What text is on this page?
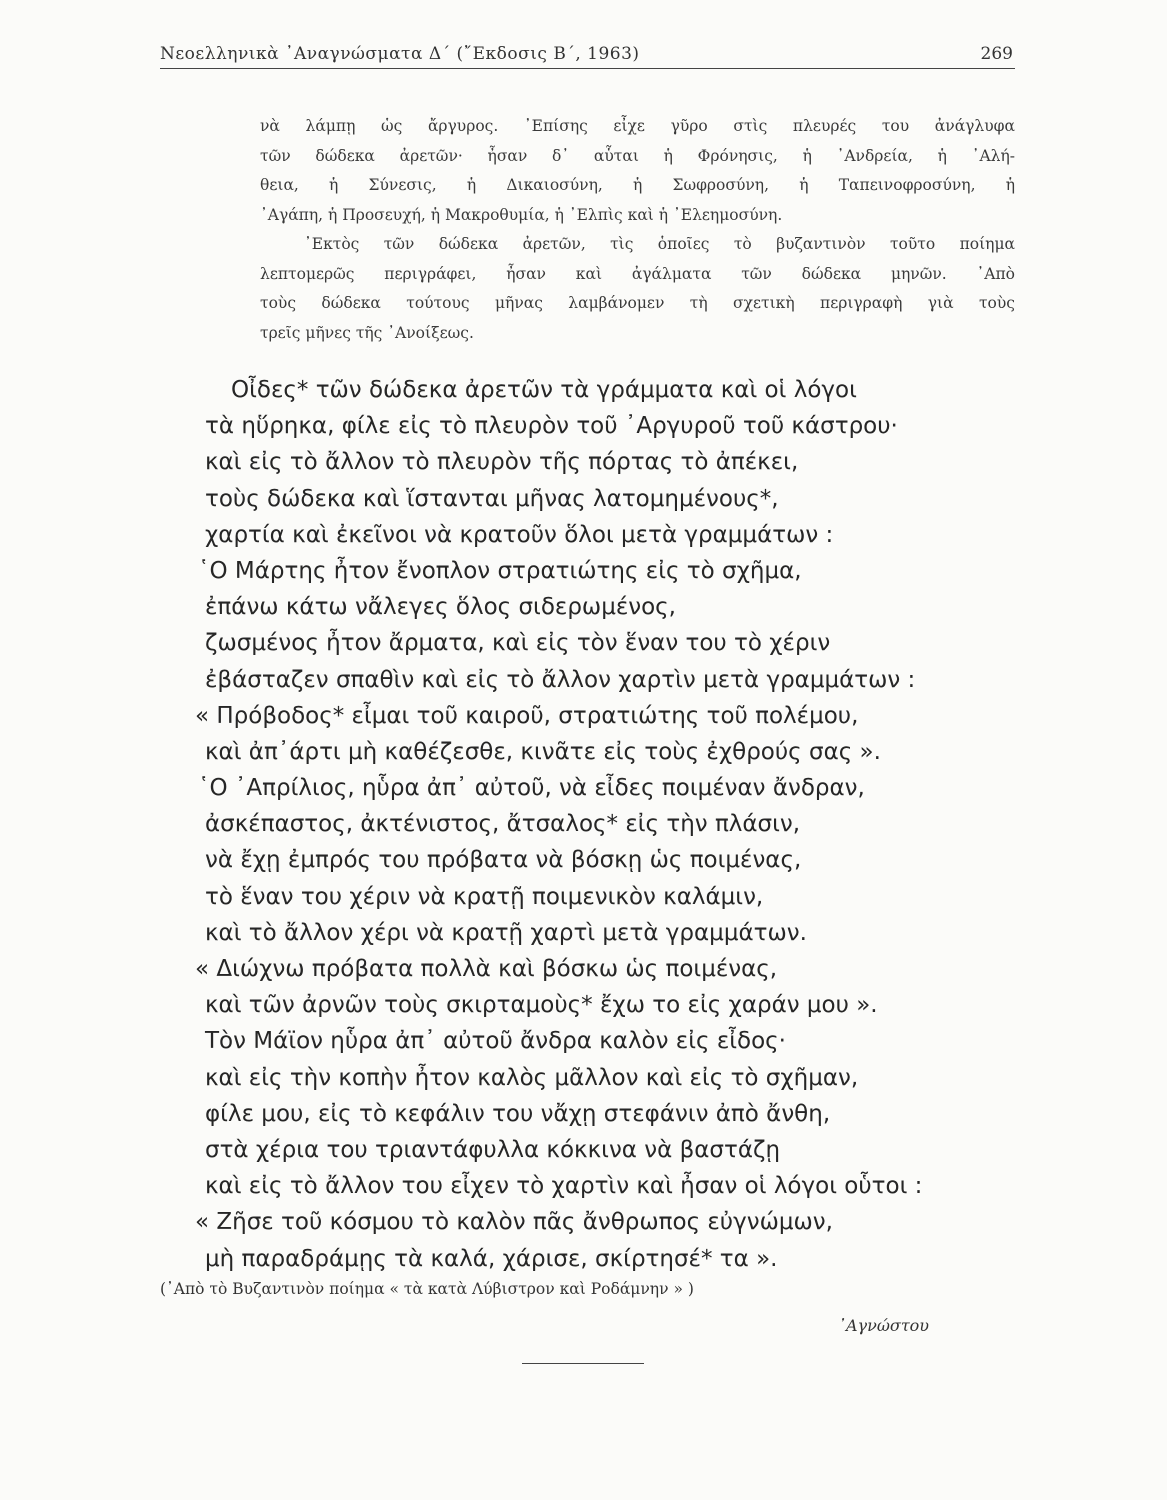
Νεοελληνικὰ ᾿Αναγνώσματα Δ΄ (῎Εκδοσις Β΄, 1963)	269
νὰ λάμπῃ ὡς ἄργυρος. ᾿Επίσης εἶχε γῦρο στὶς πλευρές του ἀνάγλυφα
τῶν δώδεκα ἀρετῶν· ἦσαν δ᾿ αὗται ἡ Φρόνησις, ἡ ᾿Ανδρεία, ἡ ᾿Αλή-
θεια, ἡ Σύνεσις, ἡ Δικαιοσύνη, ἡ Σωφροσύνη, ἡ Ταπεινοφροσύνη, ἡ
᾿Αγάπη, ἡ Προσευχή, ἡ Μακροθυμία, ἡ ᾿Ελπὶς καὶ ἡ ᾿Ελεημοσύνη.
᾿Εκτὸς τῶν δώδεκα ἀρετῶν, τὶς ὁποῖες τὸ βυζαντινὸν τοῦτο ποίημα
λεπτομερῶς περιγράφει, ἦσαν καὶ ἀγάλματα τῶν δώδεκα μηνῶν. ᾿Απὸ
τοὺς δώδεκα τούτους μῆνας λαμβάνομεν τὴ σχετικὴ περιγραφὴ γιὰ τοὺς
τρεῖς μῆνες τῆς ᾿Ανοίξεως.
Οἶδες* τῶν δώδεκα ἀρετῶν τὰ γράμματα καὶ οἱ λόγοι
τὰ ηὕρηκα, φίλε εἰς τὸ πλευρὸν τοῦ ᾿Αργυροῦ τοῦ κάστρου·
καὶ εἰς τὸ ἄλλον τὸ πλευρὸν τῆς πόρτας τὸ ἀπέκει,
τοὺς δώδεκα καὶ ἵστανται μῆνας λατομημένους*,
χαρτία καὶ ἐκεῖνοι νὰ κρατοῦν ὅλοι μετὰ γραμμάτων :
῾Ο Μάρτης ἦτον ἔνοπλον στρατιώτης εἰς τὸ σχῆμα,
ἐπάνω κάτω νἄλεγες ὅλος σιδερωμένος,
ζωσμένος ἦτον ἄρματα, καὶ εἰς τὸν ἕναν του τὸ χέριν
ἐβάσταζεν σπαθὶν καὶ εἰς τὸ ἄλλον χαρτὶν μετὰ γραμμάτων :
« Πρόβοδος* εἶμαι τοῦ καιροῦ, στρατιώτης τοῦ πολέμου,
καὶ ἀπ᾿άρτι μὴ καθέζεσθε, κινᾶτε εἰς τοὺς ἐχθρούς σας ».
῾Ο ᾿Απρίλιος, ηὗρα ἀπ᾿ αὐτοῦ, νὰ εἶδες ποιμέναν ἄνδραν,
ἀσκέπαστος, ἀκτένιστος, ἄτσαλος* εἰς τὴν πλάσιν,
νὰ ἔχῃ ἐμπρός του πρόβατα νὰ βόσκῃ ὡς ποιμένας,
τὸ ἕναν του χέριν νὰ κρατῇ ποιμενικὸν καλάμιν,
καὶ τὸ ἄλλον χέρι νὰ κρατῇ χαρτὶ μετὰ γραμμάτων.
« Διώχνω πρόβατα πολλὰ καὶ βόσκω ὡς ποιμένας,
καὶ τῶν ἀρνῶν τοὺς σκιρταμοὺς* ἔχω το εἰς χαράν μου ».
Τὸν Μάϊον ηὗρα ἀπ᾿ αὐτοῦ ἄνδρα καλὸν εἰς εἶδος·
καὶ εἰς τὴν κοπὴν ἦτον καλὸς μᾶλλον καὶ εἰς τὸ σχῆμαν,
φίλε μου, εἰς τὸ κεφάλιν του νἄχῃ στεφάνιν ἀπὸ ἄνθη,
στὰ χέρια του τριαντάφυλλα κόκκινα νὰ βαστάζῃ
καὶ εἰς τὸ ἄλλον του εἶχεν τὸ χαρτὶν καὶ ἦσαν οἱ λόγοι οὗτοι :
« Ζῆσε τοῦ κόσμου τὸ καλὸν πᾶς ἄνθρωπος εὐγνώμων,
μὴ παραδράμῃς τὰ καλά, χάρισε, σκίρτησέ* τα ».
(᾿Απὸ τὸ Βυζαντινὸν ποίημα « τὰ κατὰ Λύβιστρον καὶ Ροδάμνην » )
᾿Αγνώστου
